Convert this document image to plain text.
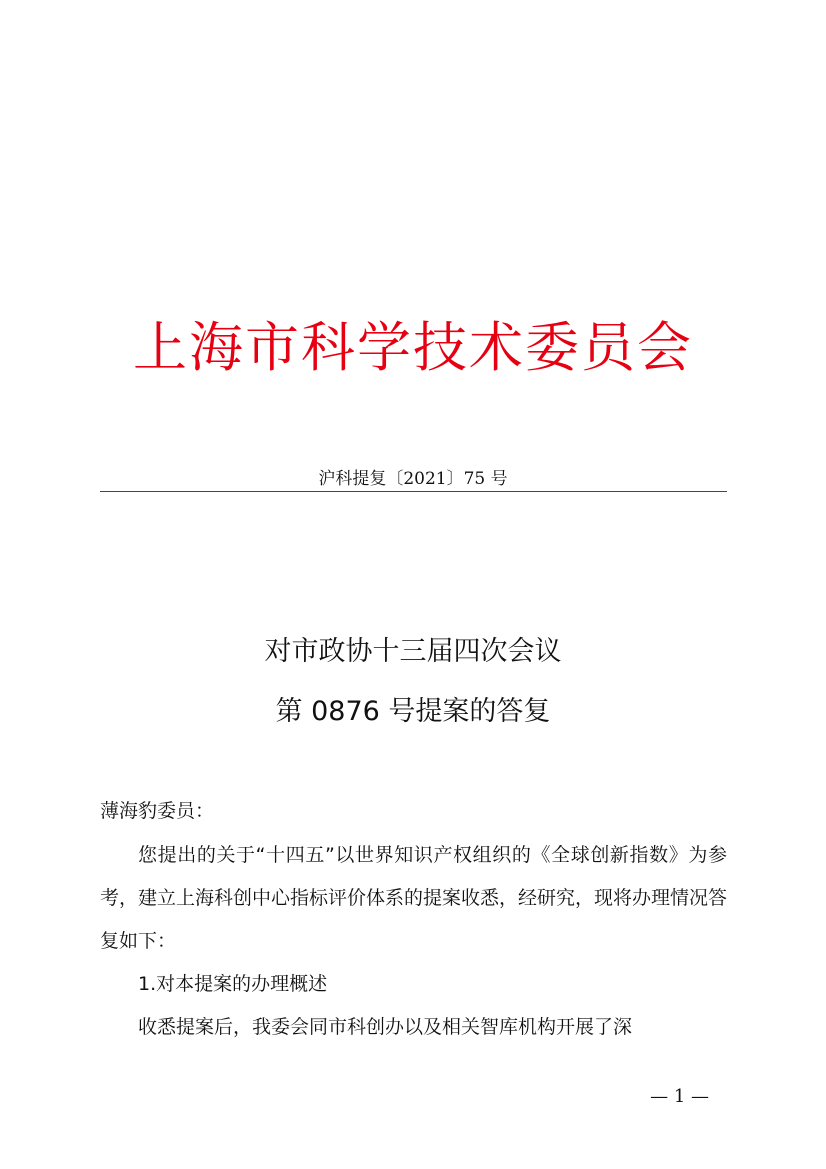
上海市科学技术委员会
沪科提复〔2021〕75 号
对市政协十三届四次会议
第 0876 号提案的答复
薄海豹委员：
您提出的关于“十四五”以世界知识产权组织的《全球创新指数》为参考，建立上海科创中心指标评价体系的提案收悉，经研究，现将办理情况答复如下：
1.对本提案的办理概述
收悉提案后，我委会同市科创办以及相关智库机构开展了深
— 1 —
